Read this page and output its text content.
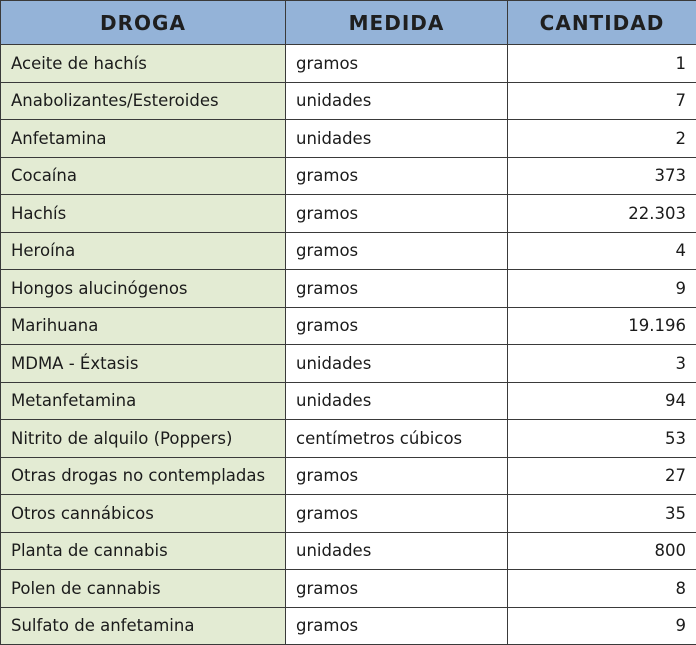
DROGA	MEDIDA	CANTIDAD
Aceite de hachís	gramos	1
Anabolizantes/Esteroides	unidades	7
Anfetamina	unidades	2
Cocaína	gramos	373
Hachís	gramos	22.303
Heroína	gramos	4
Hongos alucinógenos	gramos	9
Marihuana	gramos	19.196
MDMA - Éxtasis	unidades	3
Metanfetamina	unidades	94
Nitrito de alquilo (Poppers)	centímetros cúbicos	53
Otras drogas no contempladas	gramos	27
Otros cannábicos	gramos	35
Planta de cannabis	unidades	800
Polen de cannabis	gramos	8
Sulfato de anfetamina	gramos	9
